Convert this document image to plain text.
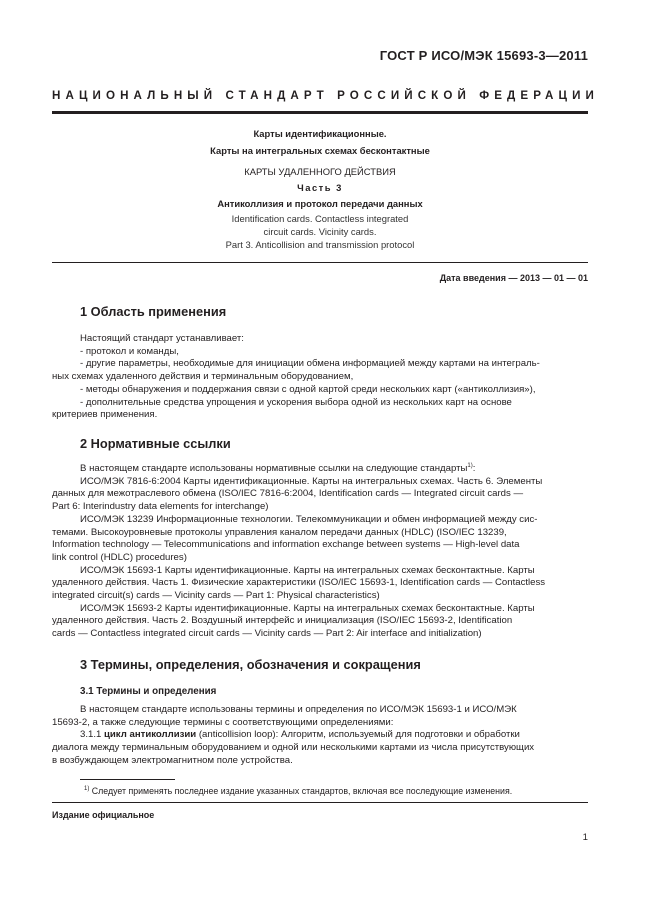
ГОСТ Р ИСО/МЭК 15693-3—2011
НАЦИОНАЛЬНЫЙ СТАНДАРТ РОССИЙСКОЙ ФЕДЕРАЦИИ
Карты идентификационные.
Карты на интегральных схемах бесконтактные
КАРТЫ УДАЛЕННОГО ДЕЙСТВИЯ
Часть 3
Антиколлизия и протокол передачи данных
Identification cards. Contactless integrated
circuit cards. Vicinity cards.
Part 3. Anticollision and transmission protocol
Дата введения — 2013 — 01 — 01
1 Область применения
Настоящий стандарт устанавливает:
- протокол и команды,
- другие параметры, необходимые для инициации обмена информацией между картами на интеграль-
ных схемах удаленного действия и терминальным оборудованием,
- методы обнаружения и поддержания связи с одной картой среди нескольких карт («антиколлизия»),
- дополнительные средства упрощения и ускорения выбора одной из нескольких карт на основе
критериев применения.
2 Нормативные ссылки
В настоящем стандарте использованы нормативные ссылки на следующие стандарты$^{1)}$:
ИСО/МЭК 7816-6:2004 Карты идентификационные. Карты на интегральных схемах. Часть 6. Элементы
данных для межотраслевого обмена (ISO/IEC 7816-6:2004, Identification cards — Integrated circuit cards —
Part 6: Interindustry data elements for interchange)
ИСО/МЭК 13239 Информационные технологии. Телекоммуникации и обмен информацией между сис-
темами. Высокоуровневые протоколы управления каналом передачи данных (HDLC) (ISO/IEC 13239,
Information technology — Telecommunications and information exchange between systems — High-level data
link control (HDLC) procedures)
ИСО/МЭК 15693-1 Карты идентификационные. Карты на интегральных схемах бесконтактные. Карты
удаленного действия. Часть 1. Физические характеристики (ISO/IEC 15693-1, Identification cards — Contactless
integrated circuit(s) cards — Vicinity cards — Part 1: Physical characteristics)
ИСО/МЭК 15693-2 Карты идентификационные. Карты на интегральных схемах бесконтактные. Карты
удаленного действия. Часть 2. Воздушный интерфейс и инициализация (ISO/IEC 15693-2, Identification
cards — Contactless integrated circuit cards — Vicinity cards — Part 2: Air interface and initialization)
3 Термины, определения, обозначения и сокращения
3.1 Термины и определения
В настоящем стандарте использованы термины и определения по ИСО/МЭК 15693-1 и ИСО/МЭК
15693-2, а также следующие термины с соответствующими определениями:
3.1.1 цикл антиколлизии (anticollision loop): Алгоритм, используемый для подготовки и обработки
диалога между терминальным оборудованием и одной или несколькими картами из числа присутствующих
в возбуждающем электромагнитном поле устройства.
$^{1)}$ Следует применять последнее издание указанных стандартов, включая все последующие изменения.
Издание официальное
1
